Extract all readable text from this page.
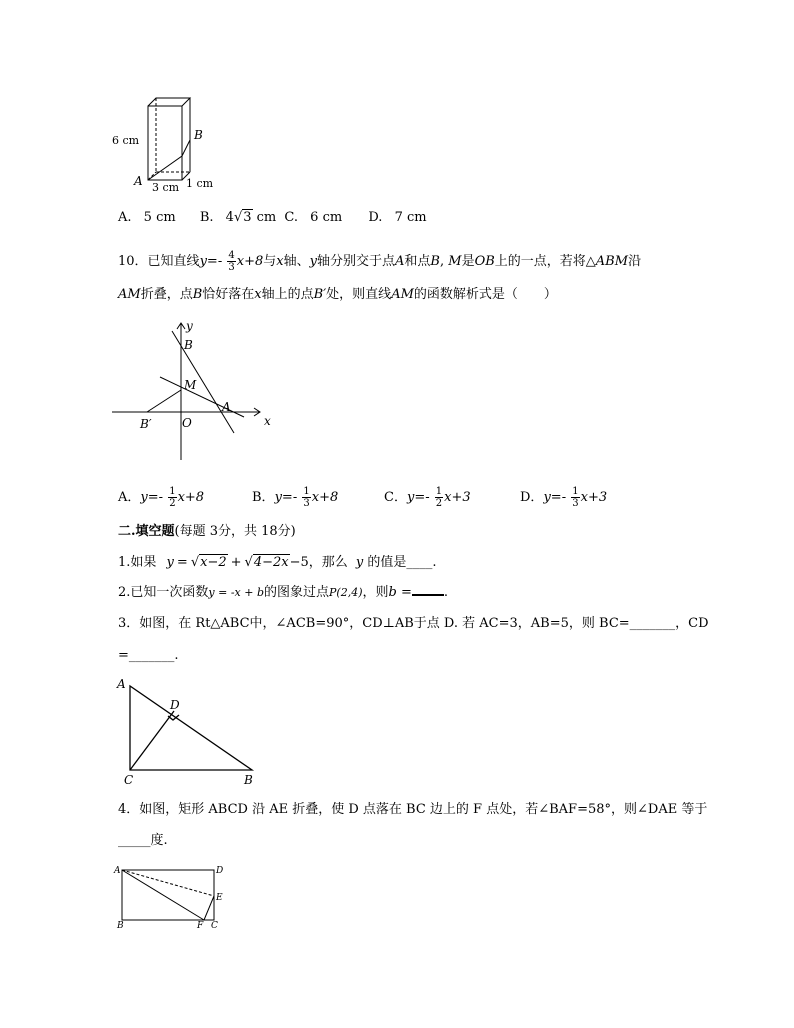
6 cm	B
A 3 cm 1 cm
A. 5 cm B. 4√3 cm C. 6 cm D. 7 cm
10．已知直线$y=- \frac{4}{3} x+8$与x轴、y轴分别交于点A和点B, M是OB上的一点，若将△ABM沿
AM折叠，点B恰好落在x轴上的点B′处，则直线AM的函数解析式是（　　）
y
B
M
A
B′	O	x
A．$y=- \frac{1}{2} x+8$	B．$y=- \frac{1}{3} x+8$	C．$y=- \frac{1}{2} x+3$	D．$y=- \frac{1}{3} x+3$
二.填空题(每题 3分，共 18分)
1.如果 y = √x−2 + √4−2x−5，那么 y 的值是____.
2.已知一次函数y = -x + b的图象过点P(2,4)，则b = .
3．如图，在 Rt△ABC中，∠ACB=90°，CD⊥AB于点 D. 若 AC=3，AB=5，则 BC=_______，CD
=_______.
A
D
C	B
4．如图，矩形 ABCD 沿 AE 折叠，使 D 点落在 BC 边上的 F 点处，若∠BAF=58°，则∠DAE 等于
_____度.
A	D
E
B	F C
